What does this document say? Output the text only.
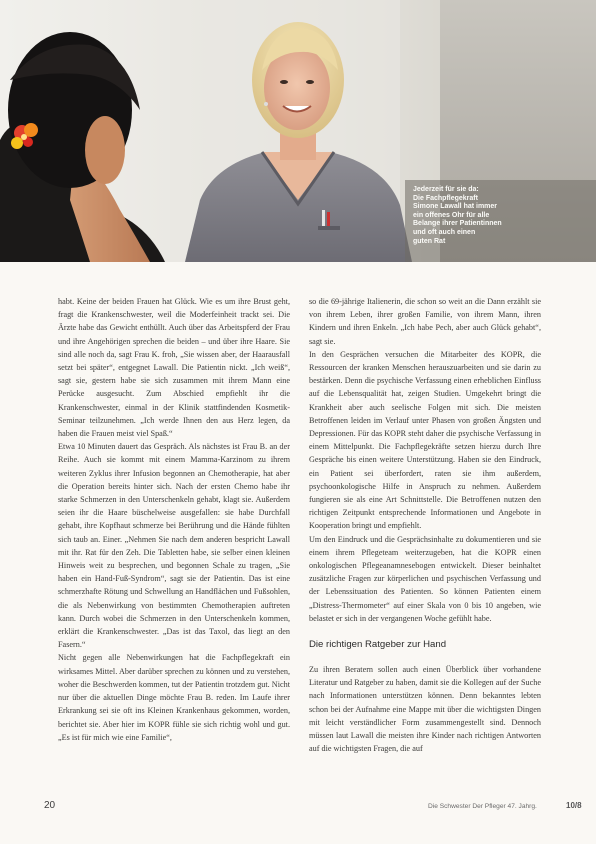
Jederzeit für sie da:
Die Fachpflegekraft
Simone Lawall hat immer
ein offenes Ohr für alle
Belange ihrer Patientinnen
und oft auch einen
guten Rat

habt. Keine der beiden Frauen hat Glück. Wie es um ihre Brust geht, fragt die Krankenschwester, weil die Moderfeinheit trackt sei. Die Ärzte habe das Gewicht enthüllt. Auch über das Arbeitspferd der Frau und ihre Angehörigen sprechen die beiden – und über ihre Haare. Sie sind alle noch da, sagt Frau K. froh, „Sie wissen aber, der Haarausfall setzt bei später“, entgegnet Lawall. Die Patientin nickt. „Ich weiß“, sagt sie, gestern habe sie sich zusammen mit ihrem Mann eine Perücke ausgesucht. Zum Abschied empfiehlt ihr die Krankenschwester, einmal in der Klinik stattfindenden Kosmetik-Seminar teilzunehmen. „Ich werde Ihnen den aus Herz legen, da haben die Frauen meist viel Spaß.“

Etwa 10 Minuten dauert das Gespräch. Als nächstes ist Frau B. an der Reihe. Auch sie kommt mit einem Mamma-Karzinom zu ihrem weiteren Zyklus ihrer Infusion begonnen an Chemotherapie, hat aber die Operation bereits hinter sich. Nach der ersten Chemo habe ihr starke Schmerzen in den Unterschenkeln gehabt, klagt sie. Außerdem seien ihr die Haare büschelweise ausgefallen: sie habe Durchfall gehabt, ihre Kopfhaut schmerze bei Berührung und die Hände fühlten sich taub an. Einer. „Nehmen Sie nach dem anderen bespricht Lawall mit ihr. Rat für den Zeh. Die Tabletten habe, sie selber einen kleinen Hinweis weit zu besprechen, und begonnen Schale zu tragen, „Sie haben ein Hand-Fuß-Syndrom“, sagt sie der Patientin. Das ist eine schmerzhafte Rötung und Schwellung an Handflächen und Fußsohlen, die als Nebenwirkung von bestimmten Chemotherapien auftreten kann. Durch wobei die Schmerzen in den Unterschenkeln kommen, erklärt die Krankenschwester. „Das ist das Taxol, das liegt an den Fasern.“

Nicht gegen alle Nebenwirkungen hat die Fachpflegekraft ein wirksames Mittel. Aber darüber sprechen zu können und zu verstehen, woher die Beschwerden kommen, tut der Patientin trotzdem gut. Nicht nur über die aktuellen Dinge möchte Frau B. reden. Im Laufe ihrer Erkrankung sei sie oft ins Kleinen Krankenhaus gekommen, worden, berichtet sie. Aber hier im KOPR fühle sie sich richtig wohl und gut. „Es ist für mich wie eine Familie“,

so die 69-jährige Italienerin, die schon so weit an die Dann erzählt sie von ihrem Leben, ihrer großen Familie, von ihrem Mann, ihren Kindern und ihren Enkeln. „Ich habe Pech, aber auch Glück gehabt“, sagt sie.

In den Gesprächen versuchen die Mitarbeiter des KOPR, die Ressourcen der kranken Menschen herauszuarbeiten und sie darin zu bestärken. Denn die psychische Verfassung einen erheblichen Einfluss auf die Lebensqualität hat, zeigen Studien. Umgekehrt bringt die Krankheit aber auch seelische Folgen mit sich. Die meisten Betroffenen leiden im Verlauf unter Phasen von großen Ängsten und Depressionen. Für das KOPR steht daher die psychische Verfassung in einem Mittelpunkt. Die Fachpflegekräfte setzen hierzu durch Ihre Gespräche bis einen weitere Unterstützung. Haben sie den Eindruck, ein Patient sei überfordert, raten sie ihm außerdem, psychoonkologische Hilfe in Anspruch zu nehmen. Außerdem fungieren sie als eine Art Schnittstelle. Die Betroffenen nutzen den richtigen Zeitpunkt entsprechende Informationen und Angebote in Kooperation bringt und empfiehlt.

Um den Eindruck und die Gesprächsinhalte zu dokumentieren und sie einem ihrem Pflegeteam weiterzugeben, hat die KOPR einen onkologischen Pflegeanamnesebogen entwickelt. Dieser beinhaltet zusätzliche Fragen zur körperlichen und psychischen Verfassung und der Lebenssituation des Patienten. So können Patienten einem „Distress-Thermometer“ auf einer Skala von 0 bis 10 angeben, wie belastet er sich in der vergangenen Woche gefühlt habe.

Die richtigen Ratgeber zur Hand

Zu ihren Beratern sollen auch einen Überblick über vorhandene Literatur und Ratgeber zu haben, damit sie die Kollegen auf der Suche nach Informationen unterstützen können. Denn bekanntes lebten schon bei der Aufnahme eine Mappe mit über die wichtigsten Dingen mit leicht verständlicher Form zusammengestellt sind. Dennoch müssen laut Lawall die meisten ihre Kinder nach richtigen Antworten auf die wichtigsten Fragen, die auf

20	Die Schwester Der Pfleger 47. Jahrg.	10/8
